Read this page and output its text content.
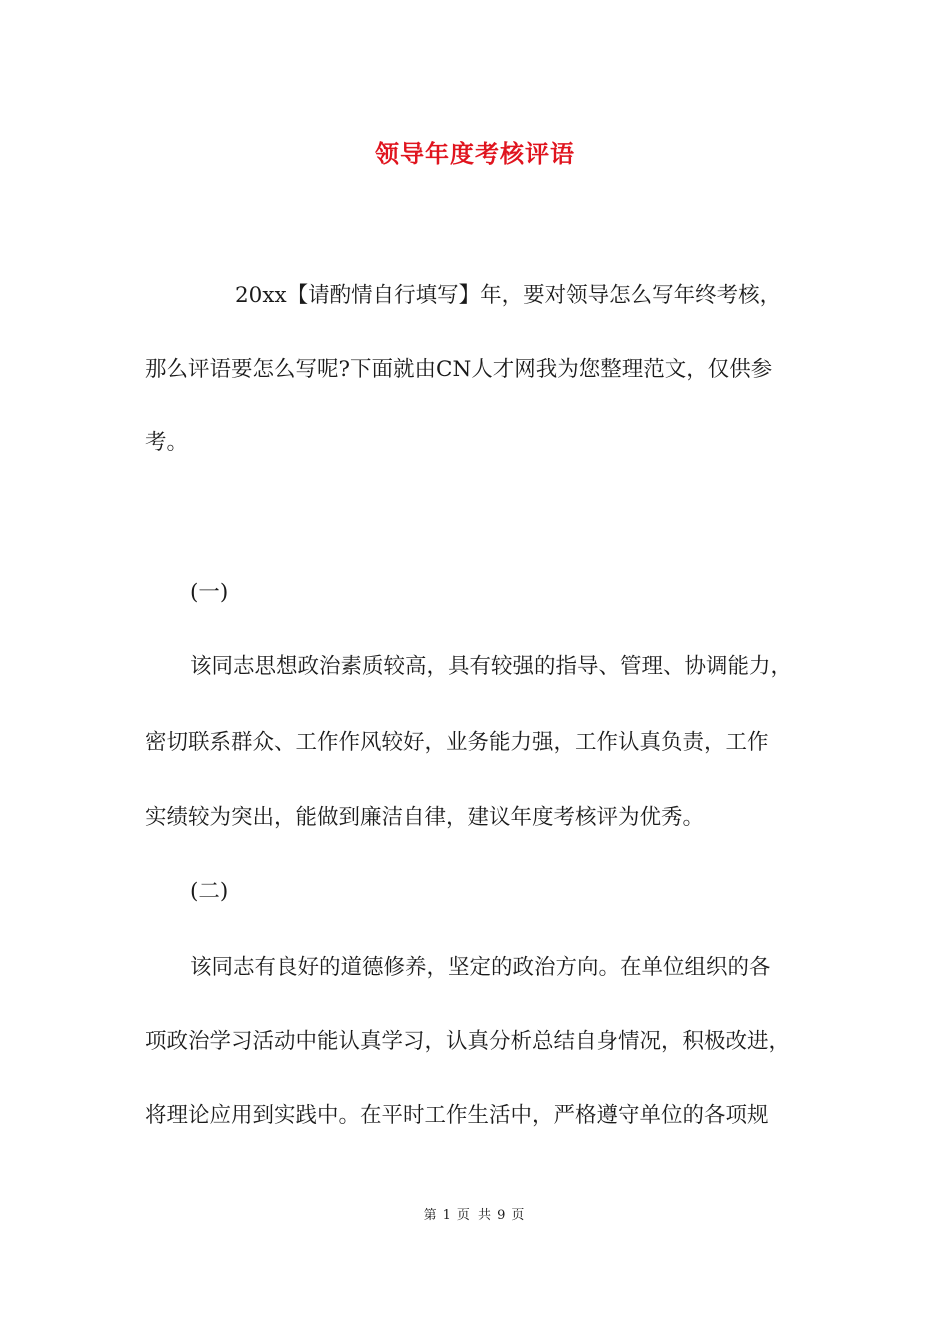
领导年度考核评语

20xx【请酌情自行填写】年，要对领导怎么写年终考核，

那么评语要怎么写呢?下面就由CN人才网我为您整理范文，仅供参

考。

(一)

该同志思想政治素质较高，具有较强的指导、管理、协调能力，

密切联系群众、工作作风较好，业务能力强，工作认真负责，工作

实绩较为突出，能做到廉洁自律，建议年度考核评为优秀。

(二)

该同志有良好的道德修养，坚定的政治方向。在单位组织的各

项政治学习活动中能认真学习，认真分析总结自身情况，积极改进，

将理论应用到实践中。在平时工作生活中，严格遵守单位的各项规

第 1 页 共 9 页
